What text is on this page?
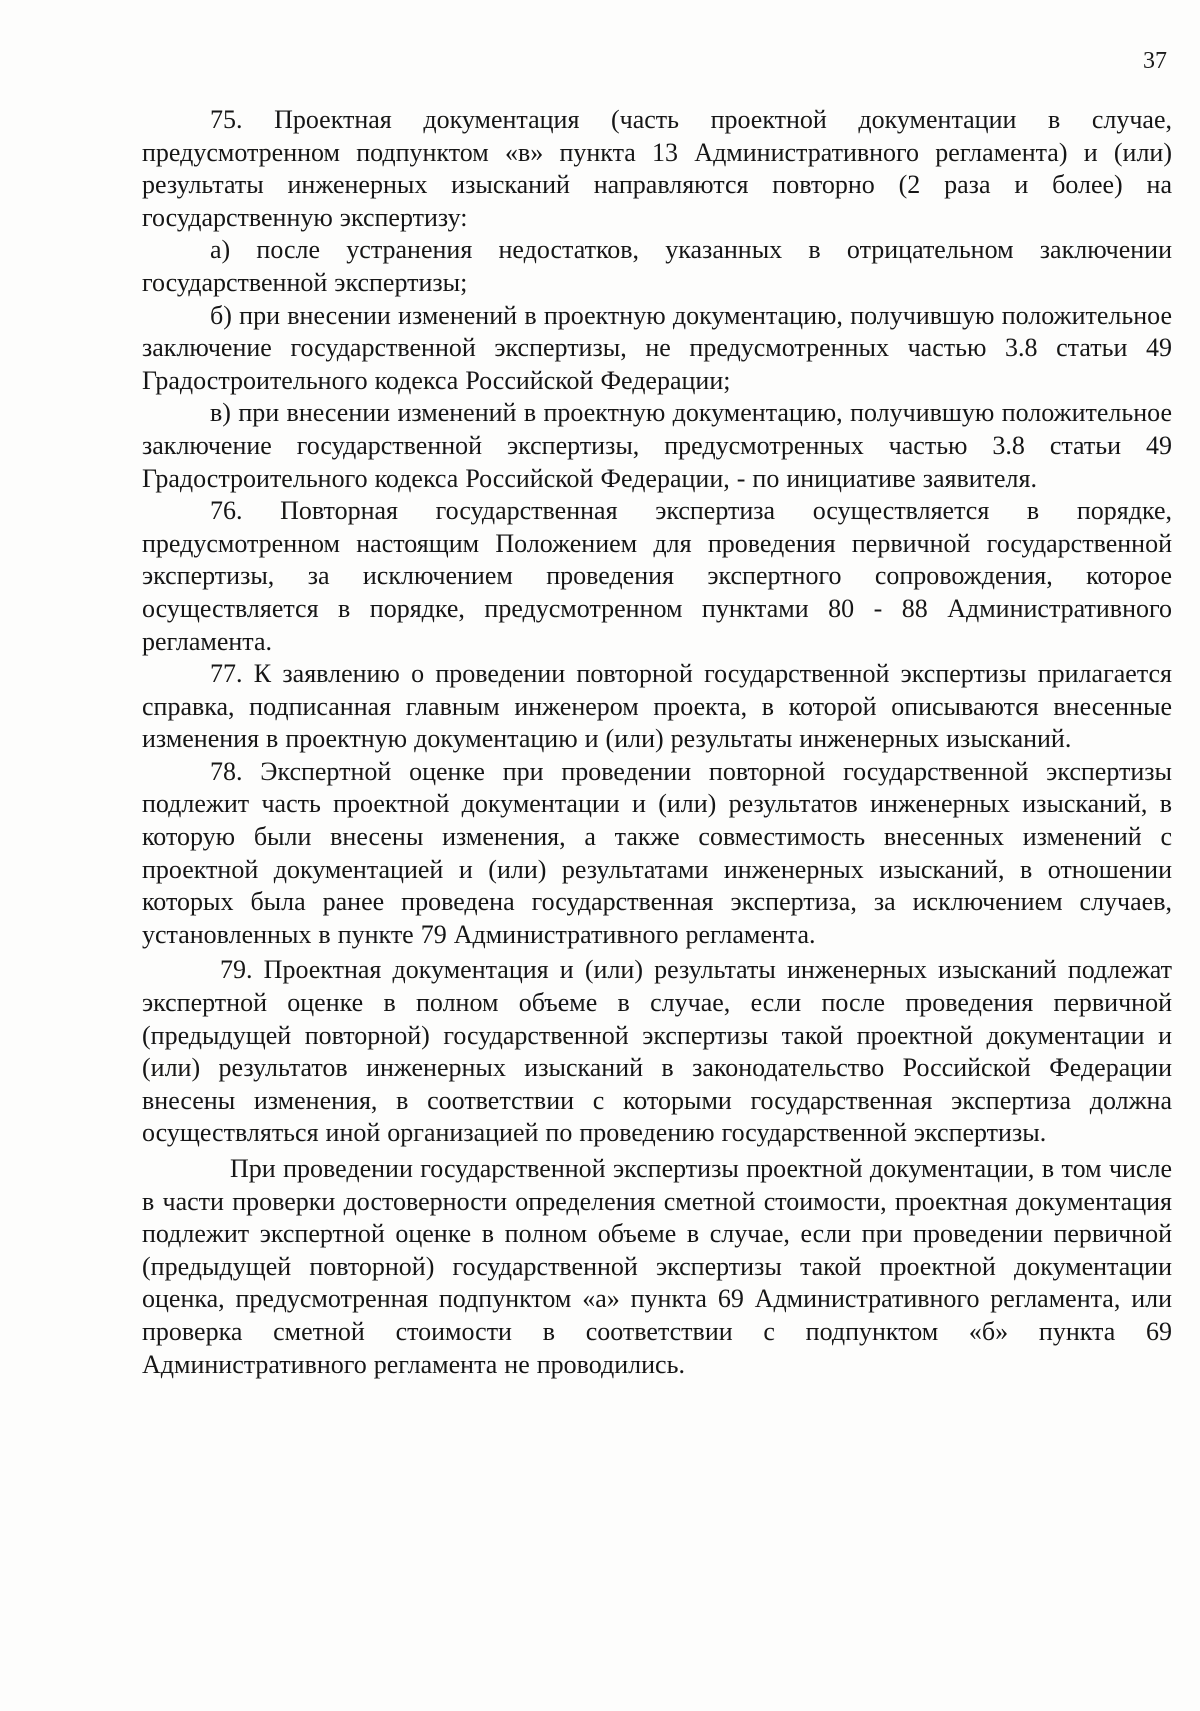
37

75. Проектная документация (часть проектной документации в случае, предусмотренном подпунктом «в» пункта 13 Административного регламента) и (или) результаты инженерных изысканий направляются повторно (2 раза и более) на государственную экспертизу:

а) после устранения недостатков, указанных в отрицательном заключении государственной экспертизы;

б) при внесении изменений в проектную документацию, получившую положительное заключение государственной экспертизы, не предусмотренных частью 3.8 статьи 49 Градостроительного кодекса Российской Федерации;

в) при внесении изменений в проектную документацию, получившую положительное заключение государственной экспертизы, предусмотренных частью 3.8 статьи 49 Градостроительного кодекса Российской Федерации, - по инициативе заявителя.

76. Повторная государственная экспертиза осуществляется в порядке, предусмотренном настоящим Положением для проведения первичной государственной экспертизы, за исключением проведения экспертного сопровождения, которое осуществляется в порядке, предусмотренном пунктами 80 - 88 Административного регламента.

77. К заявлению о проведении повторной государственной экспертизы прилагается справка, подписанная главным инженером проекта, в которой описываются внесенные изменения в проектную документацию и (или) результаты инженерных изысканий.

78. Экспертной оценке при проведении повторной государственной экспертизы подлежит часть проектной документации и (или) результатов инженерных изысканий, в которую были внесены изменения, а также совместимость внесенных изменений с проектной документацией и (или) результатами инженерных изысканий, в отношении которых была ранее проведена государственная экспертиза, за исключением случаев, установленных в пункте 79 Административного регламента.

79. Проектная документация и (или) результаты инженерных изысканий подлежат экспертной оценке в полном объеме в случае, если после проведения первичной (предыдущей повторной) государственной экспертизы такой проектной документации и (или) результатов инженерных изысканий в законодательство Российской Федерации внесены изменения, в соответствии с которыми государственная экспертиза должна осуществляться иной организацией по проведению государственной экспертизы.

При проведении государственной экспертизы проектной документации, в том числе в части проверки достоверности определения сметной стоимости, проектная документация подлежит экспертной оценке в полном объеме в случае, если при проведении первичной (предыдущей повторной) государственной экспертизы такой проектной документации оценка, предусмотренная подпунктом «а» пункта 69 Административного регламента, или проверка сметной стоимости в соответствии с подпунктом «б» пункта 69 Административного регламента не проводились.
